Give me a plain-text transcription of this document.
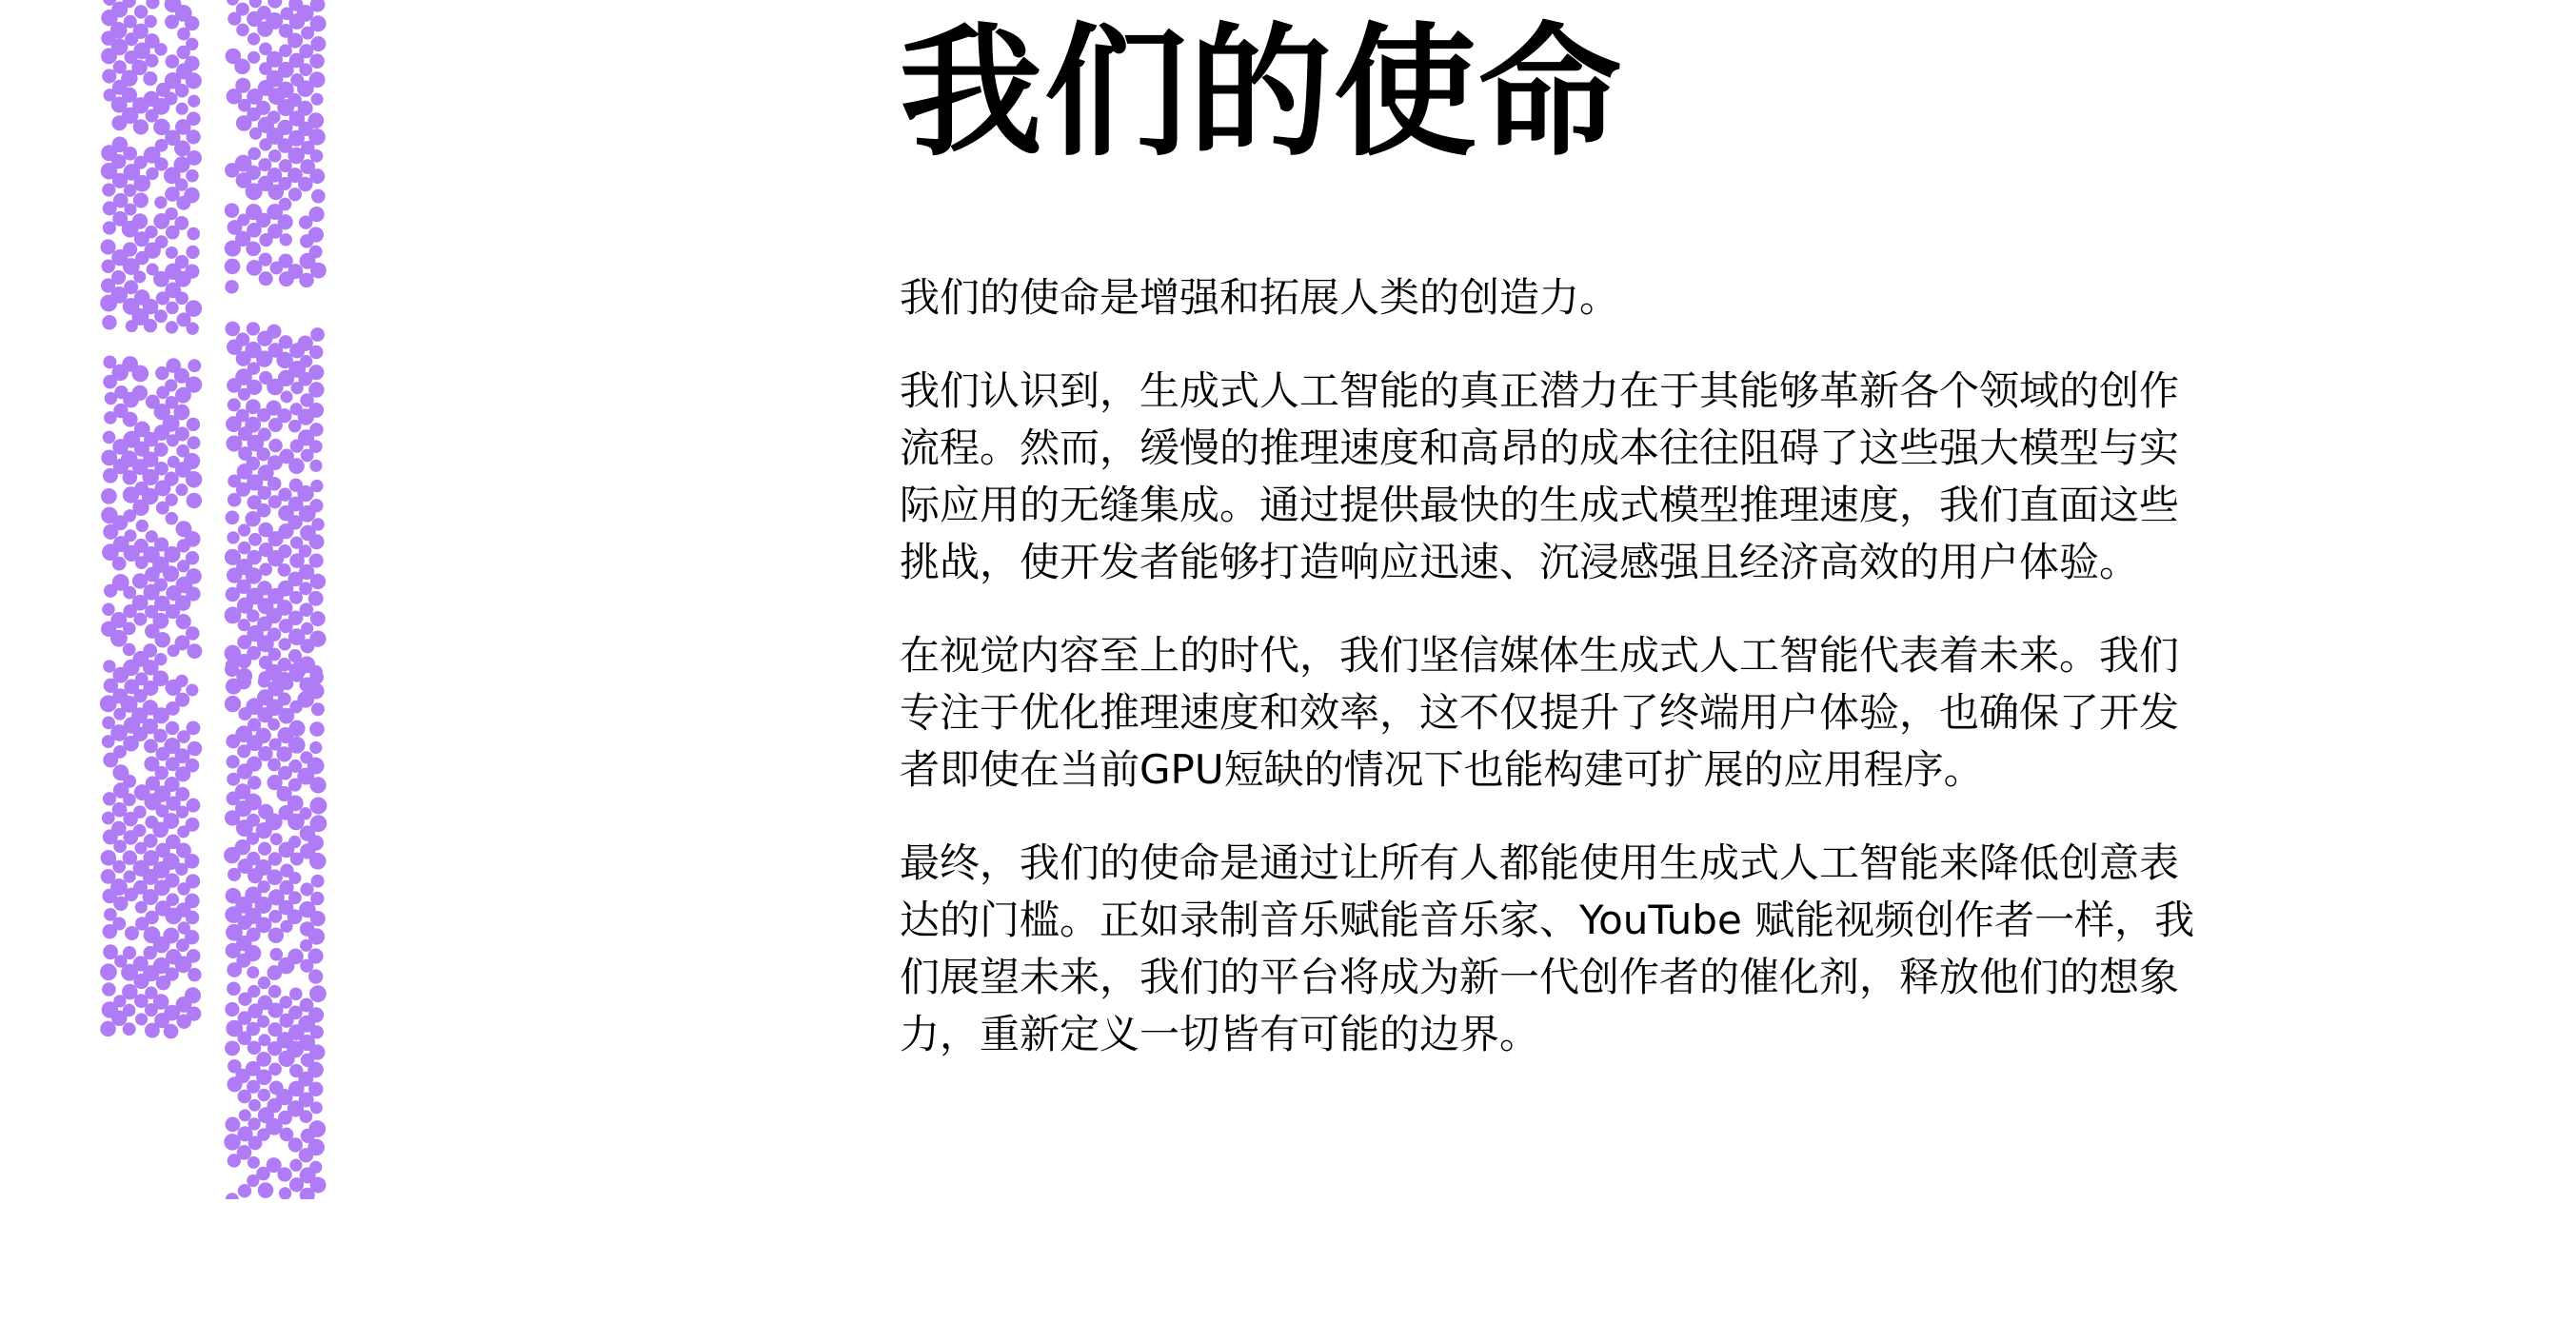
我们的使命

我们的使命是增强和拓展人类的创造力。

我们认识到，生成式人工智能的真正潜力在于其能够革新各个领域的创作流程。然而，缓慢的推理速度和高昂的成本往往阻碍了这些强大模型与实际应用的无缝集成。通过提供最快的生成式模型推理速度，我们直面这些挑战，使开发者能够打造响应迅速、沉浸感强且经济高效的用户体验。

在视觉内容至上的时代，我们坚信媒体生成式人工智能代表着未来。我们专注于优化推理速度和效率，这不仅提升了终端用户体验，也确保了开发者即使在当前GPU短缺的情况下也能构建可扩展的应用程序。

最终，我们的使命是通过让所有人都能使用生成式人工智能来降低创意表达的门槛。正如录制音乐赋能音乐家、YouTube 赋能视频创作者一样，我们展望未来，我们的平台将成为新一代创作者的催化剂，释放他们的想象力，重新定义一切皆有可能的边界。
